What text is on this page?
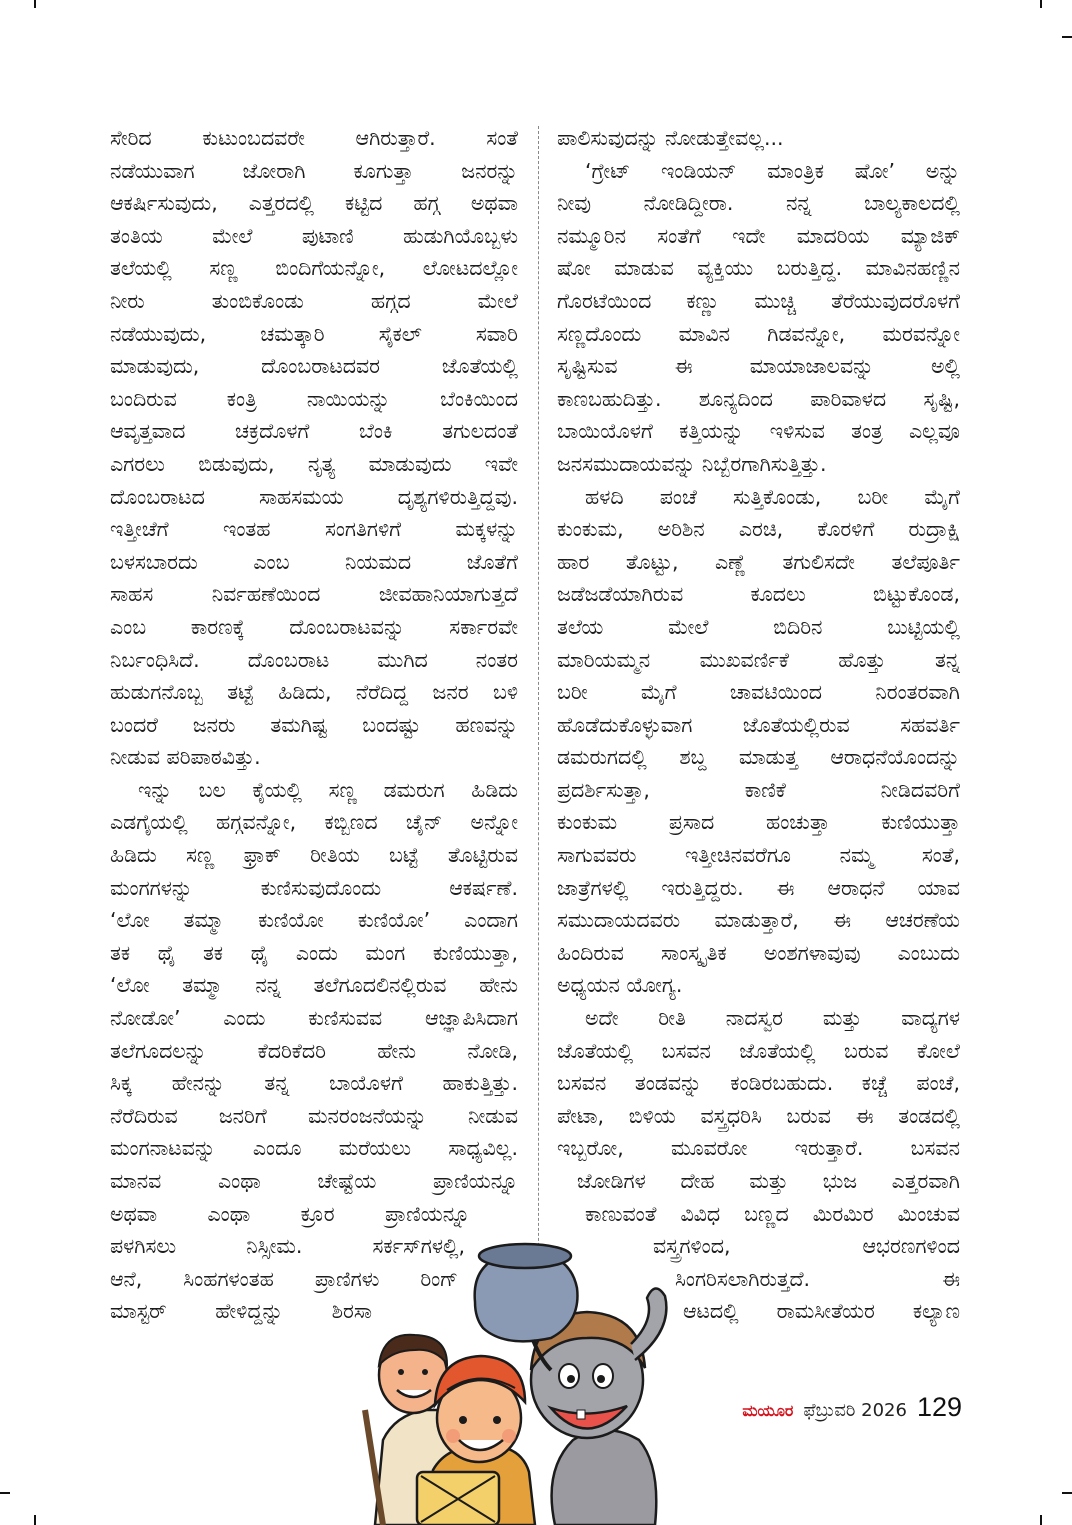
ಸೇರಿದ ಕುಟುಂಬದವರೇ ಆಗಿರುತ್ತಾರೆ. ಸಂತೆ
ನಡೆಯುವಾಗ ಜೋರಾಗಿ ಕೂಗುತ್ತಾ ಜನರನ್ನು
ಆಕರ್ಷಿಸುವುದು, ಎತ್ತರದಲ್ಲಿ ಕಟ್ಟಿದ ಹಗ್ಗ ಅಥವಾ
ತಂತಿಯ ಮೇಲೆ ಪುಟಾಣಿ ಹುಡುಗಿಯೊಬ್ಬಳು
ತಲೆಯಲ್ಲಿ ಸಣ್ಣ ಬಿಂದಿಗೆಯನ್ನೋ, ಲೋಟದಲ್ಲೋ
ನೀರು ತುಂಬಿಕೊಂಡು ಹಗ್ಗದ ಮೇಲೆ
ನಡೆಯುವುದು, ಚಮತ್ಕಾರಿ ಸೈಕಲ್ ಸವಾರಿ
ಮಾಡುವುದು, ದೊಂಬರಾಟದವರ ಜೊತೆಯಲ್ಲಿ
ಬಂದಿರುವ ಕಂತ್ರಿ ನಾಯಿಯನ್ನು ಬೆಂಕಿಯಿಂದ
ಆವೃತ್ತವಾದ ಚಕ್ರದೊಳಗೆ ಬೆಂಕಿ ತಗುಲದಂತೆ
ಎಗರಲು ಬಿಡುವುದು, ನೃತ್ಯ ಮಾಡುವುದು ಇವೇ
ದೊಂಬರಾಟದ ಸಾಹಸಮಯ ದೃಶ್ಯಗಳಿರುತ್ತಿದ್ದವು.
ಇತ್ತೀಚೆಗೆ ಇಂತಹ ಸಂಗತಿಗಳಿಗೆ ಮಕ್ಕಳನ್ನು
ಬಳಸಬಾರದು ಎಂಬ ನಿಯಮದ ಜೊತೆಗೆ
ಸಾಹಸ ನಿರ್ವಹಣೆಯಿಂದ ಜೀವಹಾನಿಯಾಗುತ್ತದೆ
ಎಂಬ ಕಾರಣಕ್ಕೆ ದೊಂಬರಾಟವನ್ನು ಸರ್ಕಾರವೇ
ನಿರ್ಬಂಧಿಸಿದೆ. ದೊಂಬರಾಟ ಮುಗಿದ ನಂತರ
ಹುಡುಗನೊಬ್ಬ ತಟ್ಟೆ ಹಿಡಿದು, ನೆರೆದಿದ್ದ ಜನರ ಬಳಿ
ಬಂದರೆ ಜನರು ತಮಗಿಷ್ಟ ಬಂದಷ್ಟು ಹಣವನ್ನು
ನೀಡುವ ಪರಿಪಾಠವಿತ್ತು.
ಇನ್ನು ಬಲ ಕೈಯಲ್ಲಿ ಸಣ್ಣ ಡಮರುಗ ಹಿಡಿದು
ಎಡಗೈಯಲ್ಲಿ ಹಗ್ಗವನ್ನೋ, ಕಬ್ಬಿಣದ ಚೈನ್ ಅನ್ನೋ
ಹಿಡಿದು ಸಣ್ಣ ಫ್ರಾಕ್ ರೀತಿಯ ಬಟ್ಟೆ ತೊಟ್ಟಿರುವ
ಮಂಗಗಳನ್ನು ಕುಣಿಸುವುದೊಂದು ಆಕರ್ಷಣೆ.
‘ಲೋ ತಮ್ಮಾ ಕುಣಿಯೋ ಕುಣಿಯೋ’ ಎಂದಾಗ
ತಕ ಥೈ ತಕ ಥೈ ಎಂದು ಮಂಗ ಕುಣಿಯುತ್ತಾ,
‘ಲೋ ತಮ್ಮಾ ನನ್ನ ತಲೆಗೂದಲಿನಲ್ಲಿರುವ ಹೇನು
ನೋಡೋ’ ಎಂದು ಕುಣಿಸುವವ ಆಜ್ಞಾಪಿಸಿದಾಗ
ತಲೆಗೂದಲನ್ನು ಕೆದರಿಕೆದರಿ ಹೇನು ನೋಡಿ,
ಸಿಕ್ಕ ಹೇನನ್ನು ತನ್ನ ಬಾಯೊಳಗೆ ಹಾಕುತ್ತಿತ್ತು.
ನೆರೆದಿರುವ ಜನರಿಗೆ ಮನರಂಜನೆಯನ್ನು ನೀಡುವ
ಮಂಗನಾಟವನ್ನು ಎಂದೂ ಮರೆಯಲು ಸಾಧ್ಯವಿಲ್ಲ.
ಮಾನವ ಎಂಥಾ ಚೇಷ್ಟೆಯ ಪ್ರಾಣಿಯನ್ನೂ
ಅಥವಾ ಎಂಥಾ ಕ್ರೂರ ಪ್ರಾಣಿಯನ್ನೂ
ಪಳಗಿಸಲು ನಿಸ್ಸೀಮ. ಸರ್ಕಸ್‌ಗಳಲ್ಲಿ,
ಆನೆ, ಸಿಂಹಗಳಂತಹ ಪ್ರಾಣಿಗಳು ರಿಂಗ್
ಮಾಸ್ಟರ್ ಹೇಳಿದ್ದನ್ನು ಶಿರಸಾ
ಪಾಲಿಸುವುದನ್ನು ನೋಡುತ್ತೇವಲ್ಲ...
‘ಗ್ರೇಟ್ ಇಂಡಿಯನ್ ಮಾಂತ್ರಿಕ ಷೋ’ ಅನ್ನು
ನೀವು ನೋಡಿದ್ದೀರಾ. ನನ್ನ ಬಾಲ್ಯಕಾಲದಲ್ಲಿ
ನಮ್ಮೂರಿನ ಸಂತೆಗೆ ಇದೇ ಮಾದರಿಯ ಮ್ಯಾಜಿಕ್
ಷೋ ಮಾಡುವ ವ್ಯಕ್ತಿಯು ಬರುತ್ತಿದ್ದ. ಮಾವಿನಹಣ್ಣಿನ
ಗೊರಟೆಯಿಂದ ಕಣ್ಣು ಮುಚ್ಚಿ ತೆರೆಯುವುದರೊಳಗೆ
ಸಣ್ಣದೊಂದು ಮಾವಿನ ಗಿಡವನ್ನೋ, ಮರವನ್ನೋ
ಸೃಷ್ಟಿಸುವ ಈ ಮಾಯಾಜಾಲವನ್ನು ಅಲ್ಲಿ
ಕಾಣಬಹುದಿತ್ತು. ಶೂನ್ಯದಿಂದ ಪಾರಿವಾಳದ ಸೃಷ್ಟಿ,
ಬಾಯಿಯೊಳಗೆ ಕತ್ತಿಯನ್ನು ಇಳಿಸುವ ತಂತ್ರ ಎಲ್ಲವೂ
ಜನಸಮುದಾಯವನ್ನು ನಿಬ್ಬೆರಗಾಗಿಸುತ್ತಿತ್ತು.
ಹಳದಿ ಪಂಚೆ ಸುತ್ತಿಕೊಂಡು, ಬರೀ ಮೈಗೆ
ಕುಂಕುಮ, ಅರಿಶಿನ ಎರಚಿ, ಕೊರಳಿಗೆ ರುದ್ರಾಕ್ಷಿ
ಹಾರ ತೊಟ್ಟು, ಎಣ್ಣೆ ತಗುಲಿಸದೇ ತಲೆಪೂರ್ತಿ
ಜಡೆಜಡೆಯಾಗಿರುವ ಕೂದಲು ಬಿಟ್ಟುಕೊಂಡ,
ತಲೆಯ ಮೇಲೆ ಬಿದಿರಿನ ಬುಟ್ಟಿಯಲ್ಲಿ
ಮಾರಿಯಮ್ಮನ ಮುಖವರ್ಣಿಕೆ ಹೊತ್ತು ತನ್ನ
ಬರೀ ಮೈಗೆ ಚಾವಟಿಯಿಂದ ನಿರಂತರವಾಗಿ
ಹೊಡೆದುಕೊಳ್ಳುವಾಗ ಜೊತೆಯಲ್ಲಿರುವ ಸಹವರ್ತಿ
ಡಮರುಗದಲ್ಲಿ ಶಬ್ದ ಮಾಡುತ್ತ ಆರಾಧನೆಯೊಂದನ್ನು
ಪ್ರದರ್ಶಿಸುತ್ತಾ, ಕಾಣಿಕೆ ನೀಡಿದವರಿಗೆ
ಕುಂಕುಮ ಪ್ರಸಾದ ಹಂಚುತ್ತಾ ಕುಣಿಯುತ್ತಾ
ಸಾಗುವವರು ಇತ್ತೀಚಿನವರೆಗೂ ನಮ್ಮ ಸಂತೆ,
ಜಾತ್ರೆಗಳಲ್ಲಿ ಇರುತ್ತಿದ್ದರು. ಈ ಆರಾಧನೆ ಯಾವ
ಸಮುದಾಯದವರು ಮಾಡುತ್ತಾರೆ, ಈ ಆಚರಣೆಯ
ಹಿಂದಿರುವ ಸಾಂಸ್ಕೃತಿಕ ಅಂಶಗಳಾವುವು ಎಂಬುದು
ಅಧ್ಯಯನ ಯೋಗ್ಯ.
ಅದೇ ರೀತಿ ನಾದಸ್ವರ ಮತ್ತು ವಾದ್ಯಗಳ
ಜೊತೆಯಲ್ಲಿ ಬಸವನ ಜೊತೆಯಲ್ಲಿ ಬರುವ ಕೋಲೆ
ಬಸವನ ತಂಡವನ್ನು ಕಂಡಿರಬಹುದು. ಕಚ್ಚೆ ಪಂಚೆ,
ಪೇಟಾ, ಬಿಳಿಯ ವಸ್ತ್ರಧರಿಸಿ ಬರುವ ಈ ತಂಡದಲ್ಲಿ
ಇಬ್ಬರೋ, ಮೂವರೋ ಇರುತ್ತಾರೆ. ಬಸವನ
ಜೋಡಿಗಳ ದೇಹ ಮತ್ತು ಭುಜ ಎತ್ತರವಾಗಿ
ಕಾಣುವಂತೆ ವಿವಿಧ ಬಣ್ಣದ ಮಿರಮಿರ ಮಿಂಚುವ
ವಸ್ತ್ರಗಳಿಂದ, ಆಭರಣಗಳಿಂದ
ಸಿಂಗರಿಸಲಾಗಿರುತ್ತದೆ. ಈ
ಆಟದಲ್ಲಿ ರಾಮಸೀತೆಯರ ಕಲ್ಯಾಣ
ಮಯೂರ ಫೆಬ್ರುವರಿ 2026 129
